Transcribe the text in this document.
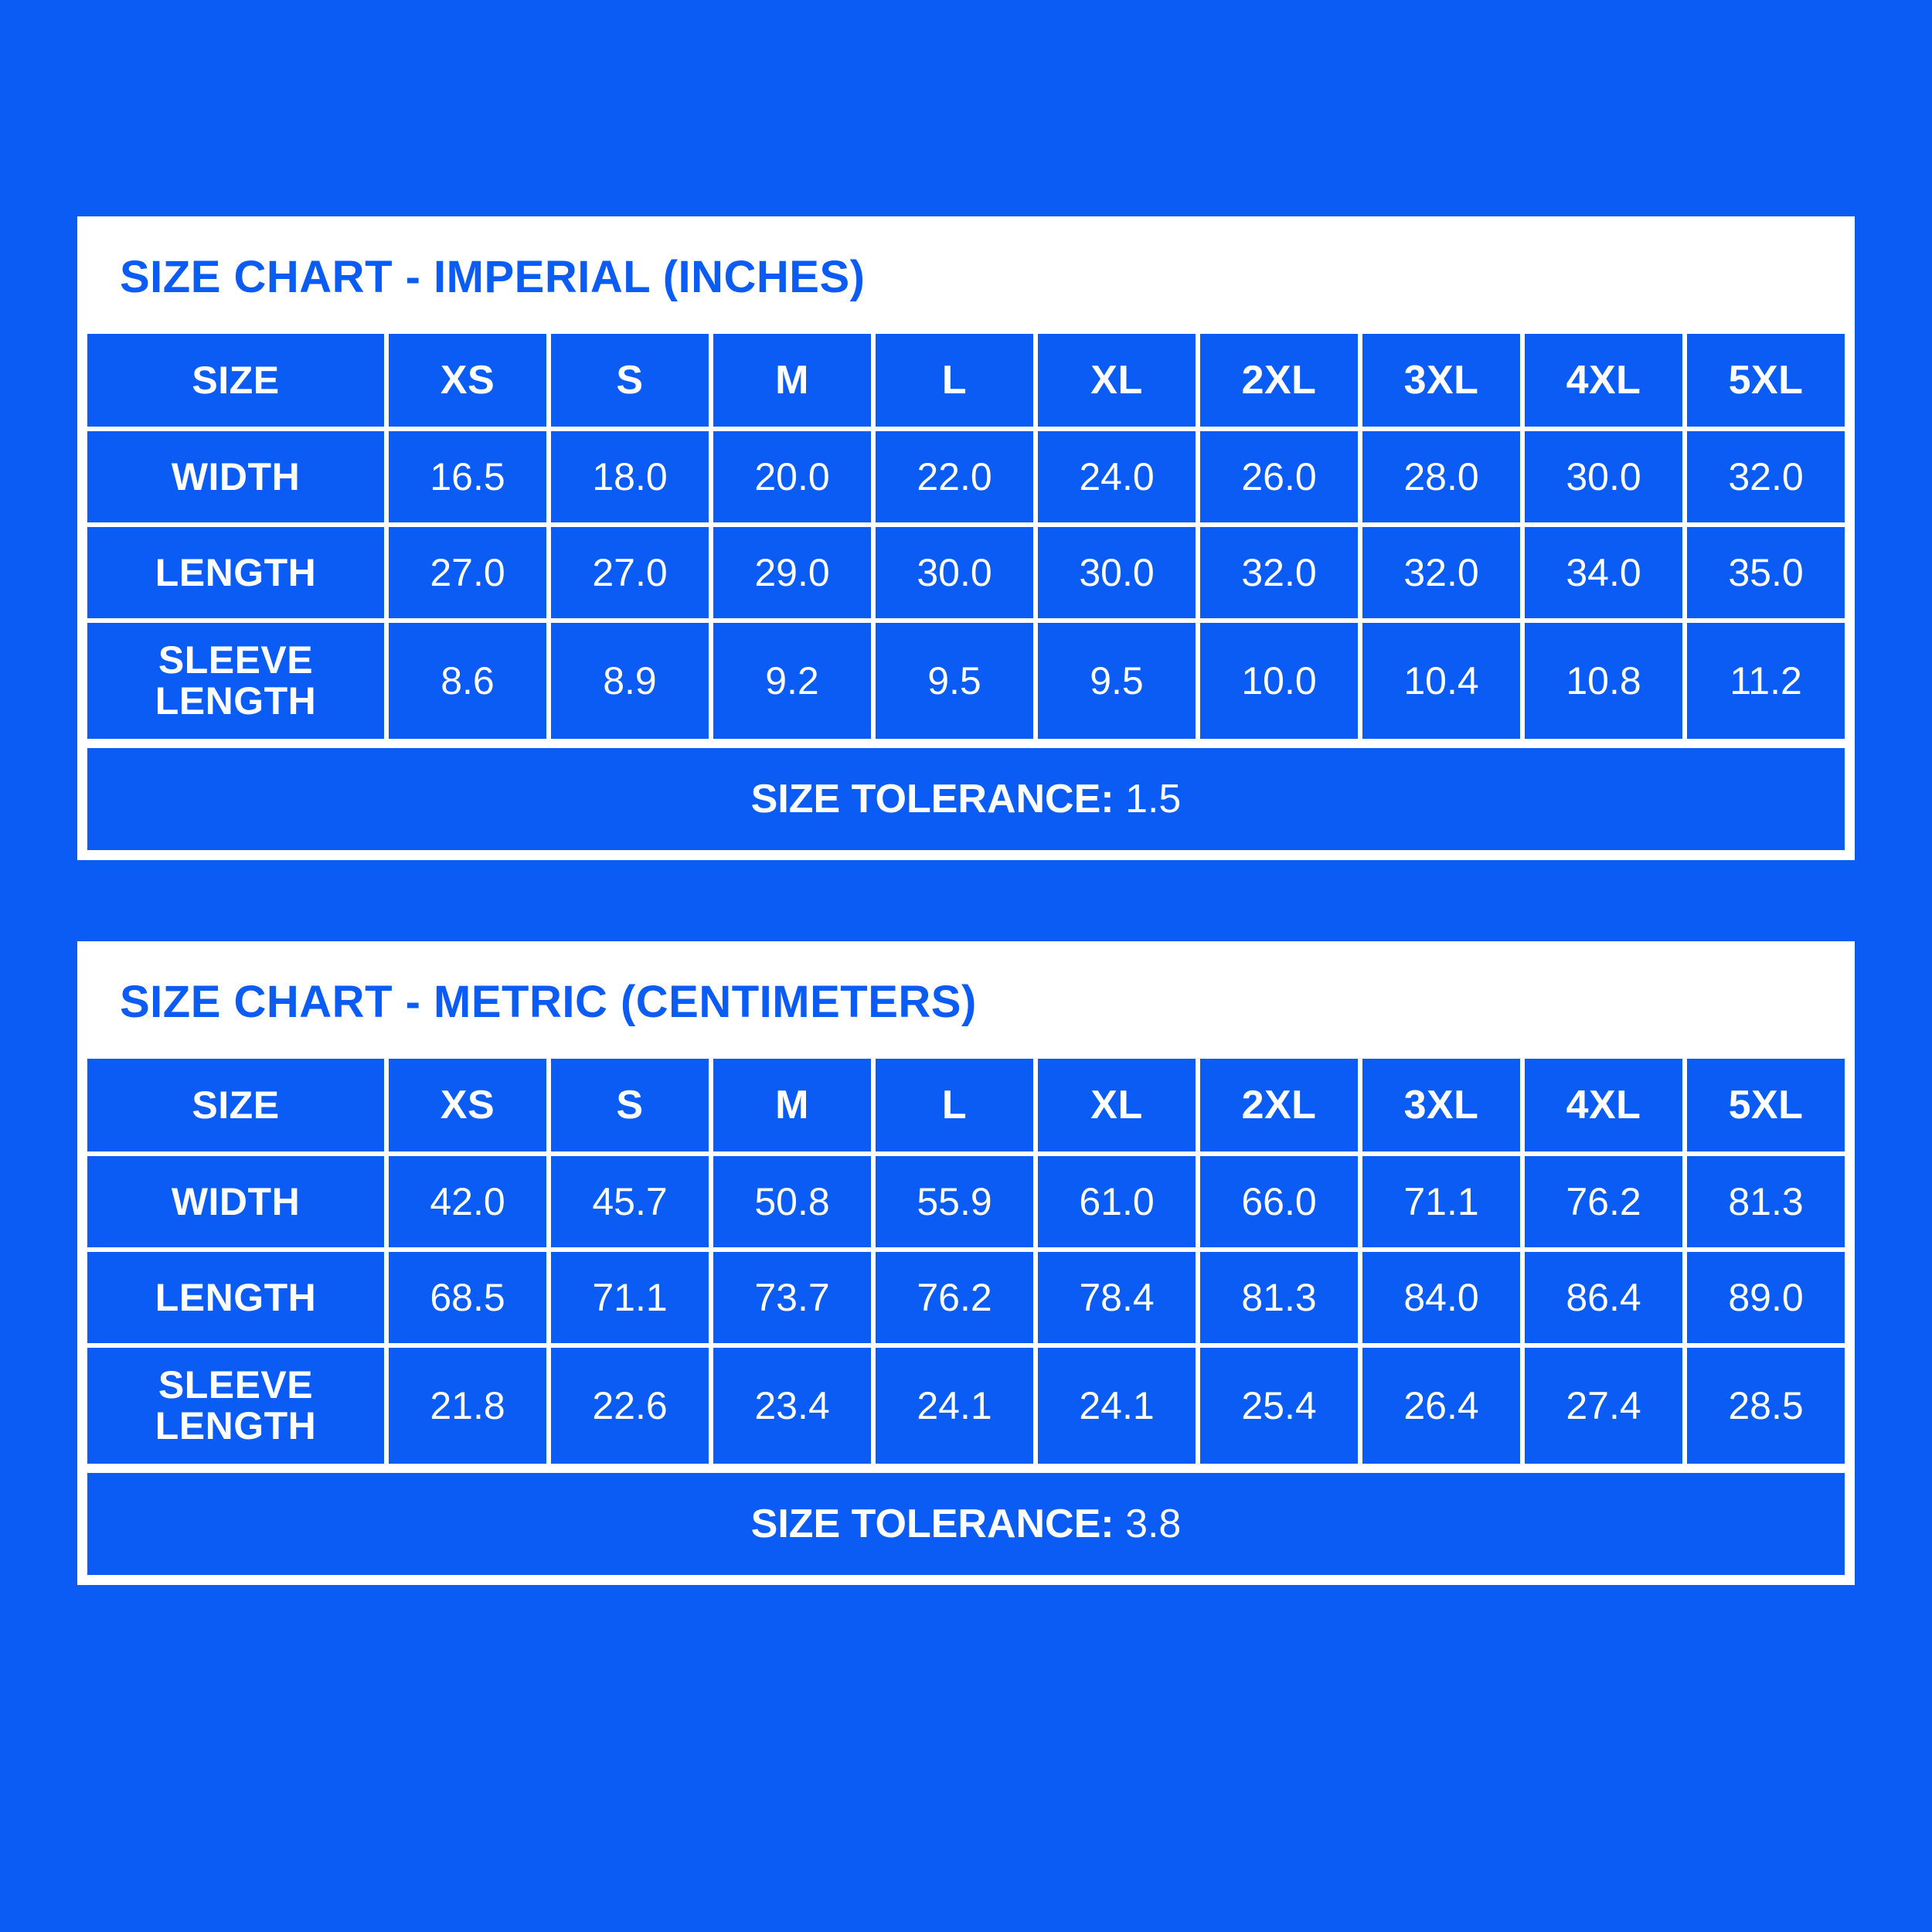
SIZE CHART - IMPERIAL (INCHES)
SIZE	XS	S	M	L	XL	2XL	3XL	4XL	5XL
WIDTH	16.5	18.0	20.0	22.0	24.0	26.0	28.0	30.0	32.0
LENGTH	27.0	27.0	29.0	30.0	30.0	32.0	32.0	34.0	35.0
SLEEVE LENGTH	8.6	8.9	9.2	9.5	9.5	10.0	10.4	10.8	11.2
SIZE TOLERANCE: 1.5
SIZE CHART - METRIC (CENTIMETERS)
SIZE	XS	S	M	L	XL	2XL	3XL	4XL	5XL
WIDTH	42.0	45.7	50.8	55.9	61.0	66.0	71.1	76.2	81.3
LENGTH	68.5	71.1	73.7	76.2	78.4	81.3	84.0	86.4	89.0
SLEEVE LENGTH	21.8	22.6	23.4	24.1	24.1	25.4	26.4	27.4	28.5
SIZE TOLERANCE: 3.8
